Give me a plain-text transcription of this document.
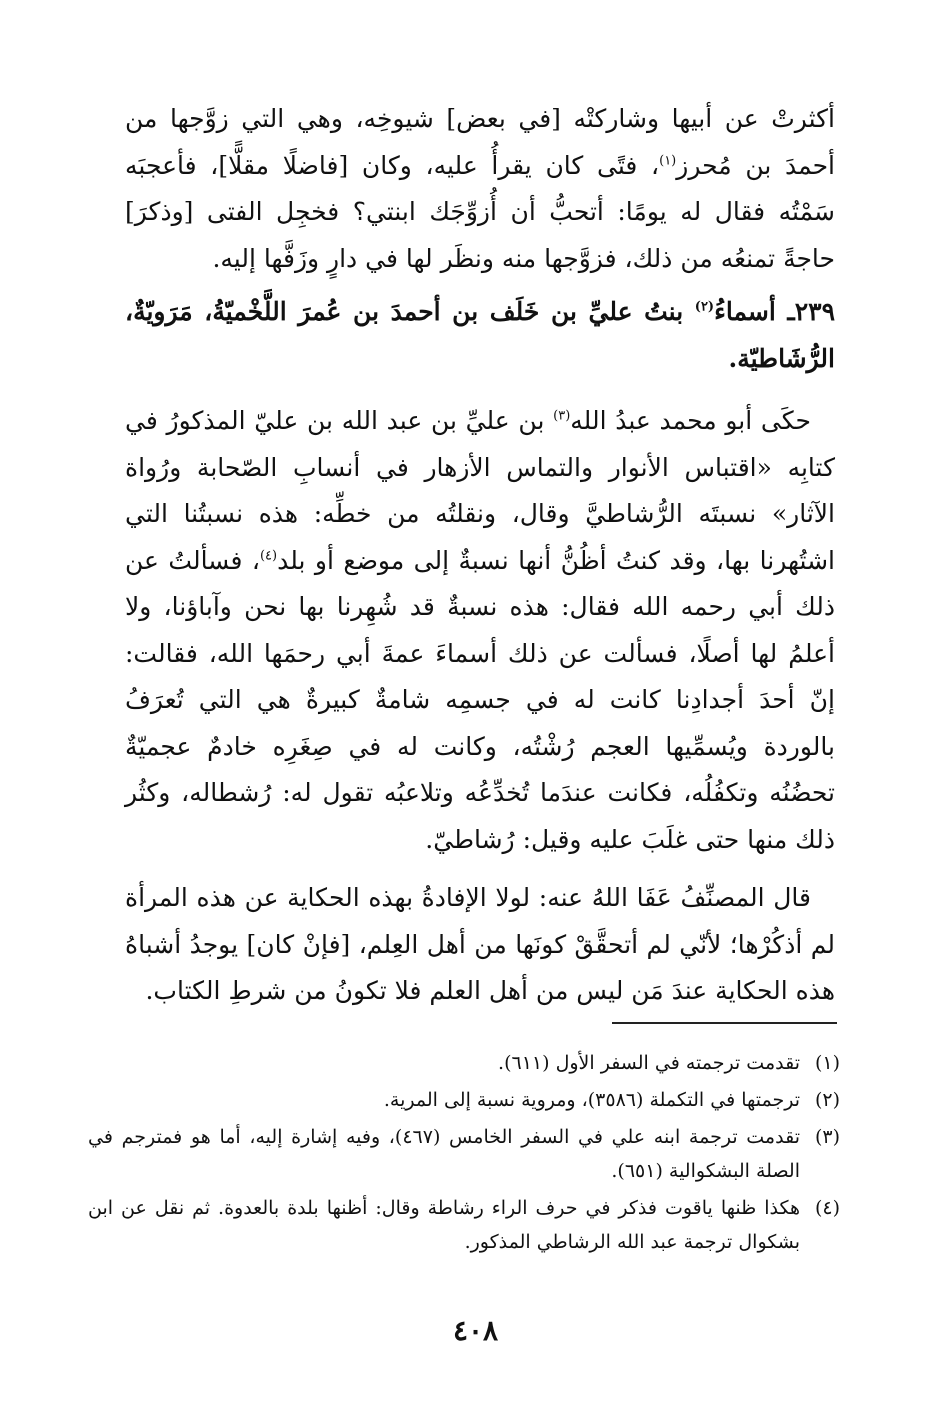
أكثرتْ عن أبيها وشاركتْه [في بعض] شيوخِه، وهي التي زوَّجها من أحمدَ بن مُحرز$^{(١)}$، فتًى كان يقرأُ عليه، وكان [فاضلًا مقلًّا]، فأعجبَه سَمْتُه فقال له يومًا: أتحبُّ أن أُزوِّجَك ابنتي؟ فخجِل الفتى [وذكرَ] حاجةً تمنعُه من ذلك، فزوَّجها منه ونظَر لها في دارٍ وزَفَّها إليه.

٢٣٩ـ أسماءُ$^{(٢)}$ بنتُ عليِّ بن خَلَف بن أحمدَ بن عُمرَ اللَّخْميّةُ، مَرَويّةٌ، الرُّشَاطيّة.

حكَى أبو محمد عبدُ الله$^{(٣)}$ بن عليِّ بن عبد الله بن عليّ المذكورُ في كتابِه «اقتباس الأنوار والتماس الأزهار في أنسابِ الصّحابة ورُواة الآثار» نسبتَه الرُّشاطيَّ وقال، ونقلتُه من خطِّه: هذه نسبتُنا التي اشتُهرنا بها، وقد كنتُ أظُنُّ أنها نسبةٌ إلى موضع أو بلد$^{(٤)}$، فسألتُ عن ذلك أبي رحمه الله فقال: هذه نسبةٌ قد شُهِرنا بها نحن وآباؤنا، ولا أعلمُ لها أصلًا، فسألت عن ذلك أسماءَ عمةَ أبي رحمَها الله، فقالت: إنّ أحدَ أجدادِنا كانت له في جسمِه شامةٌ كبيرةٌ هي التي تُعرَفُ بالوردة ويُسمِّيها العجم رُشْتُه، وكانت له في صِغَرِه خادمٌ عجميّةٌ تحضُنُه وتكفُلُه، فكانت عندَما تُخدِّعُه وتلاعبُه تقول له: رُشطاله، وكثُر ذلك منها حتى غلَبَ عليه وقيل: رُشاطيّ.

قال المصنِّفُ عَفَا اللهُ عنه: لولا الإفادةُ بهذه الحكاية عن هذه المرأة لم أذكُرْها؛ لأنّي لم أتحقَّقْ كونَها من أهل العِلم، [فإنْ كان] يوجدُ أشباهُ هذه الحكاية عندَ مَن ليس من أهل العلم فلا تكونُ من شرطِ الكتاب.

(١)تقدمت ترجمته في السفر الأول (٦١١).

(٢)ترجمتها في التكملة (٣٥٨٦)، ومروية نسبة إلى المرية.

(٣)تقدمت ترجمة ابنه علي في السفر الخامس (٤٦٧)، وفيه إشارة إليه، أما هو فمترجم في الصلة البشكوالية (٦٥١).

(٤)هكذا ظنها ياقوت فذكر في حرف الراء رشاطة وقال: أظنها بلدة بالعدوة. ثم نقل عن ابن بشكوال ترجمة عبد الله الرشاطي المذكور.

٤٠٨
